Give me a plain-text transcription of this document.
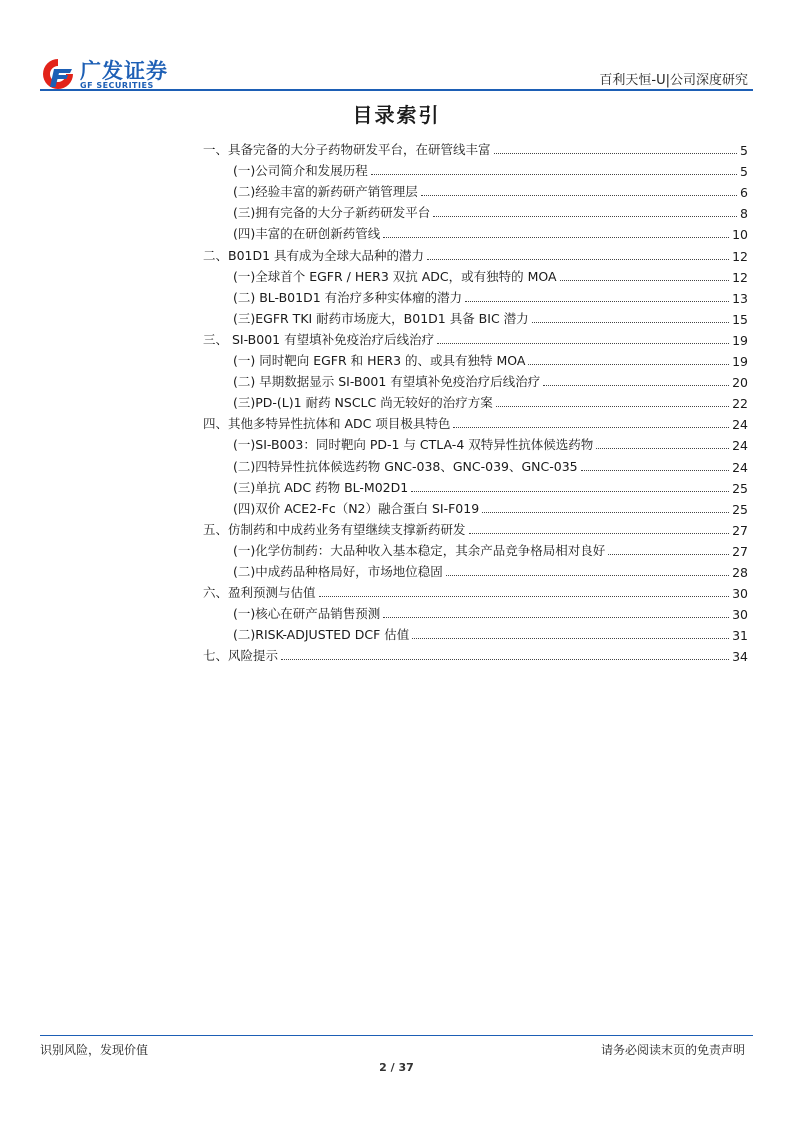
广发证券
GF SECURITIES	百利天恒-U|公司深度研究
目录索引
一、具备完备的大分子药物研发平台，在研管线丰富	5
(一)公司简介和发展历程	5
(二)经验丰富的新药研产销管理层	6
(三)拥有完备的大分子新药研发平台	8
(四)丰富的在研创新药管线	10
二、B01D1 具有成为全球大品种的潜力	12
(一)全球首个 EGFR / HER3 双抗 ADC，或有独特的 MOA	12
(二) BL-B01D1 有治疗多种实体瘤的潜力	13
(三)EGFR TKI 耐药市场庞大，B01D1 具备 BIC 潜力	15
三、 SI-B001 有望填补免疫治疗后线治疗	19
(一) 同时靶向 EGFR 和 HER3 的、或具有独特 MOA	19
(二) 早期数据显示 SI-B001 有望填补免疫治疗后线治疗	20
(三)PD-(L)1 耐药 NSCLC 尚无较好的治疗方案	22
四、其他多特异性抗体和 ADC 项目极具特色	24
(一)SI-B003：同时靶向 PD-1 与 CTLA-4 双特异性抗体候选药物	24
(二)四特异性抗体候选药物 GNC-038、GNC-039、GNC-035	24
(三)单抗 ADC 药物 BL-M02D1	25
(四)双价 ACE2-Fc（N2）融合蛋白 SI-F019	25
五、仿制药和中成药业务有望继续支撑新药研发	27
(一)化学仿制药：大品种收入基本稳定，其余产品竞争格局相对良好	27
(二)中成药品种格局好，市场地位稳固	28
六、盈利预测与估值	30
(一)核心在研产品销售预测	30
(二)RISK-ADJUSTED DCF 估值	31
七、风险提示	34
识别风险，发现价值	请务必阅读末页的免责声明
2 / 37
